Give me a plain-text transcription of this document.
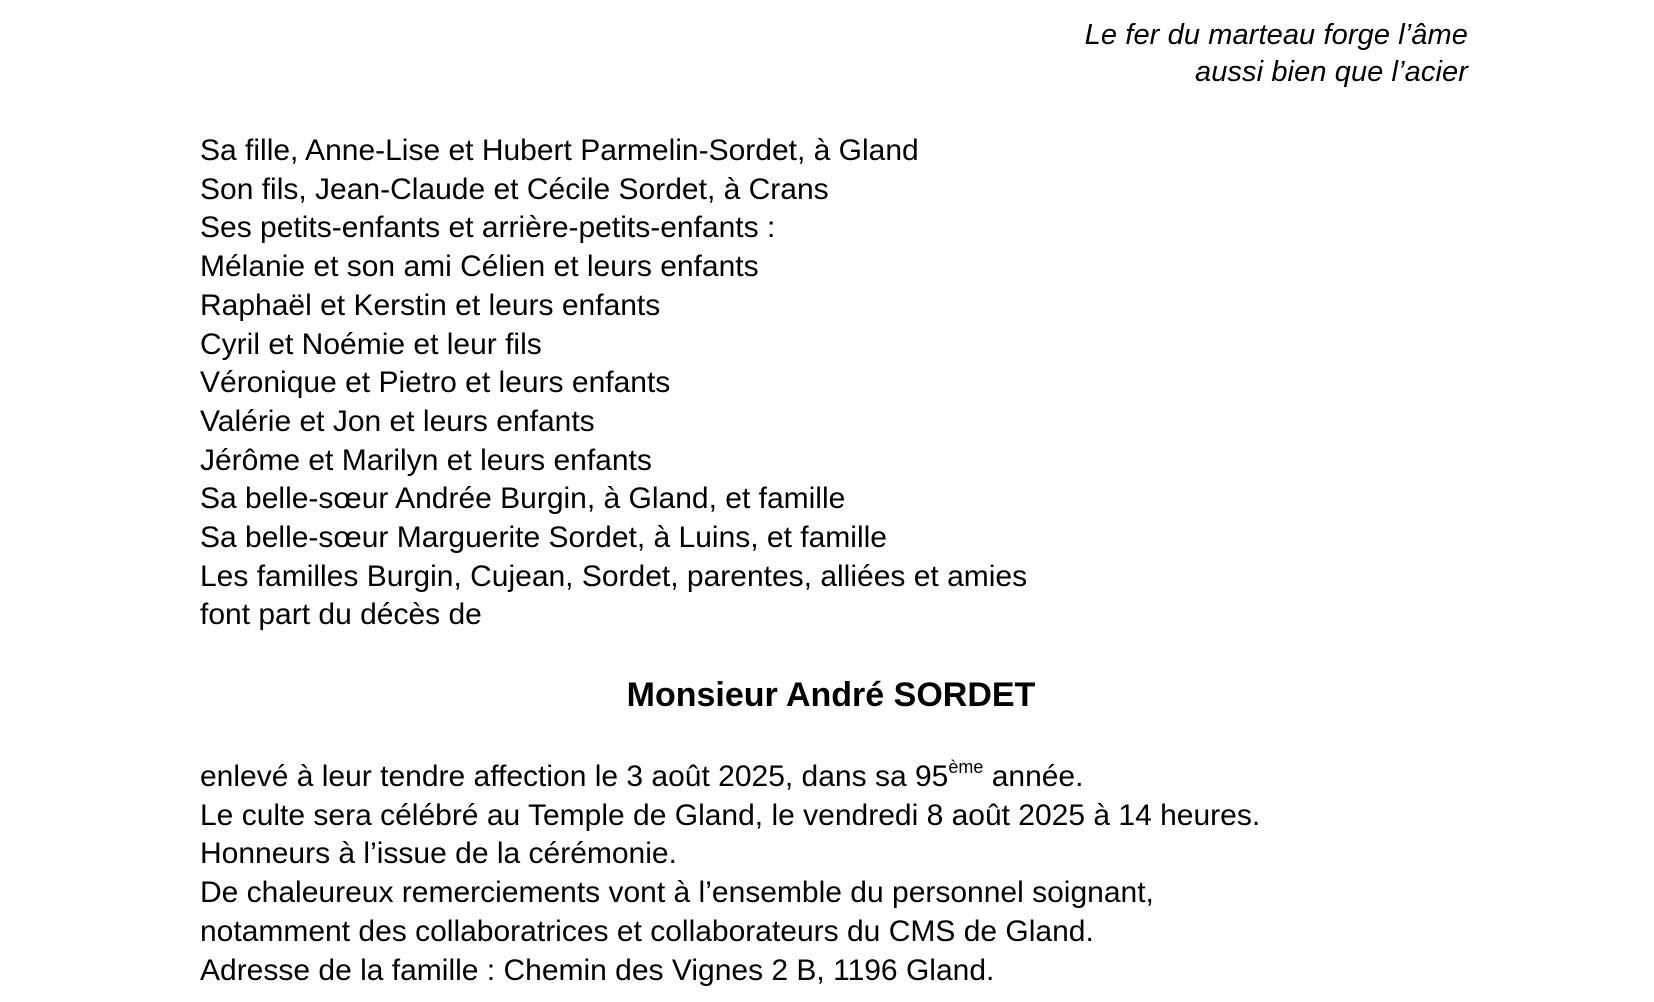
Le fer du marteau forge l’âme
aussi bien que l’acier
Sa fille, Anne-Lise et Hubert Parmelin-Sordet, à Gland
Son fils, Jean-Claude et Cécile Sordet, à Crans
Ses petits-enfants et arrière-petits-enfants :
Mélanie et son ami Célien et leurs enfants
Raphaël et Kerstin et leurs enfants
Cyril et Noémie et leur fils
Véronique et Pietro et leurs enfants
Valérie et Jon et leurs enfants
Jérôme et Marilyn et leurs enfants
Sa belle-sœur Andrée Burgin, à Gland, et famille
Sa belle-sœur Marguerite Sordet, à Luins, et famille
Les familles Burgin, Cujean, Sordet, parentes, alliées et amies
font part du décès de
Monsieur André SORDET
enlevé à leur tendre affection le 3 août 2025, dans sa 95ème année.
Le culte sera célébré au Temple de Gland, le vendredi 8 août 2025 à 14 heures.
Honneurs à l’issue de la cérémonie.
De chaleureux remerciements vont à l’ensemble du personnel soignant,
notamment des collaboratrices et collaborateurs du CMS de Gland.
Adresse de la famille : Chemin des Vignes 2 B, 1196 Gland.
